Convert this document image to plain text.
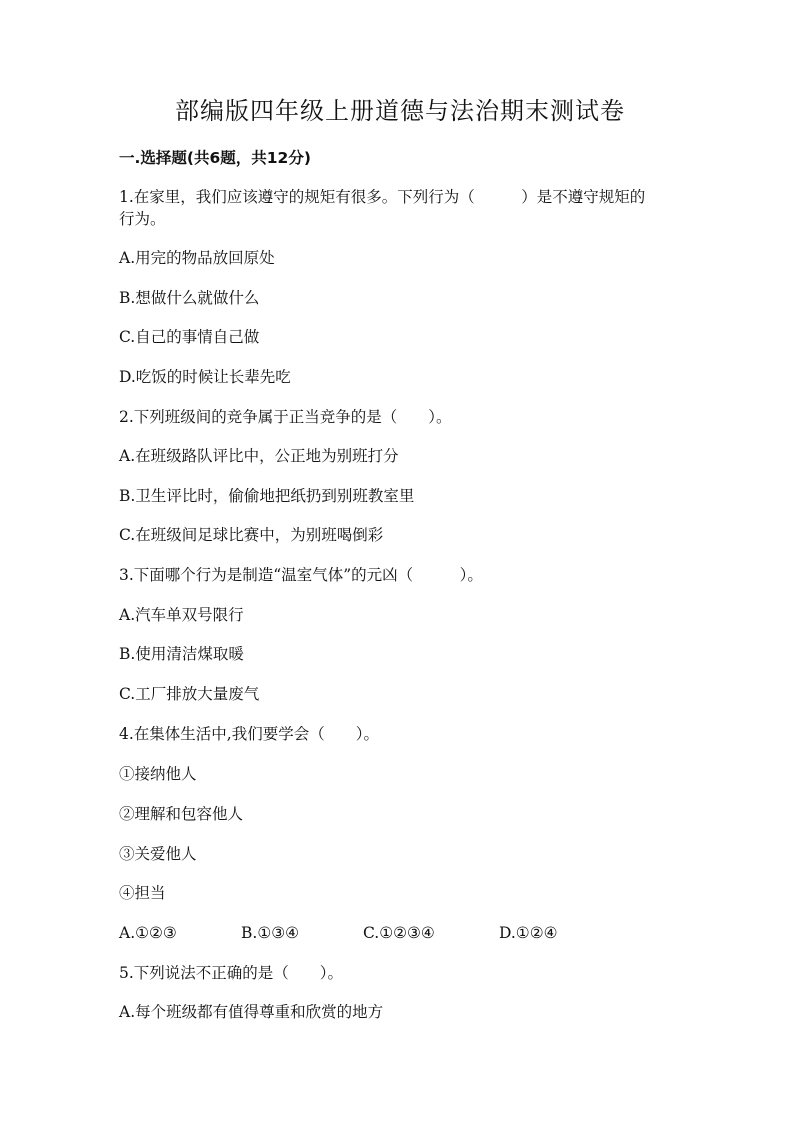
部编版四年级上册道德与法治期末测试卷
一.选择题(共6题，共12分)
1.在家里，我们应该遵守的规矩有很多。下列行为（　　　）是不遵守规矩的
行为。
A.用完的物品放回原处
B.想做什么就做什么
C.自己的事情自己做
D.吃饭的时候让长辈先吃
2.下列班级间的竞争属于正当竞争的是（　　）。
A.在班级路队评比中，公正地为别班打分
B.卫生评比时，偷偷地把纸扔到别班教室里
C.在班级间足球比赛中，为别班喝倒彩
3.下面哪个行为是制造“温室气体”的元凶（　　　）。
A.汽车单双号限行
B.使用清洁煤取暖
C.工厂排放大量废气
4.在集体生活中,我们要学会（　　）。
①接纳他人
②理解和包容他人
③关爱他人
④担当
A.①②③	B.①③④	C.①②③④	D.①②④
5.下列说法不正确的是（　　）。
A.每个班级都有值得尊重和欣赏的地方
